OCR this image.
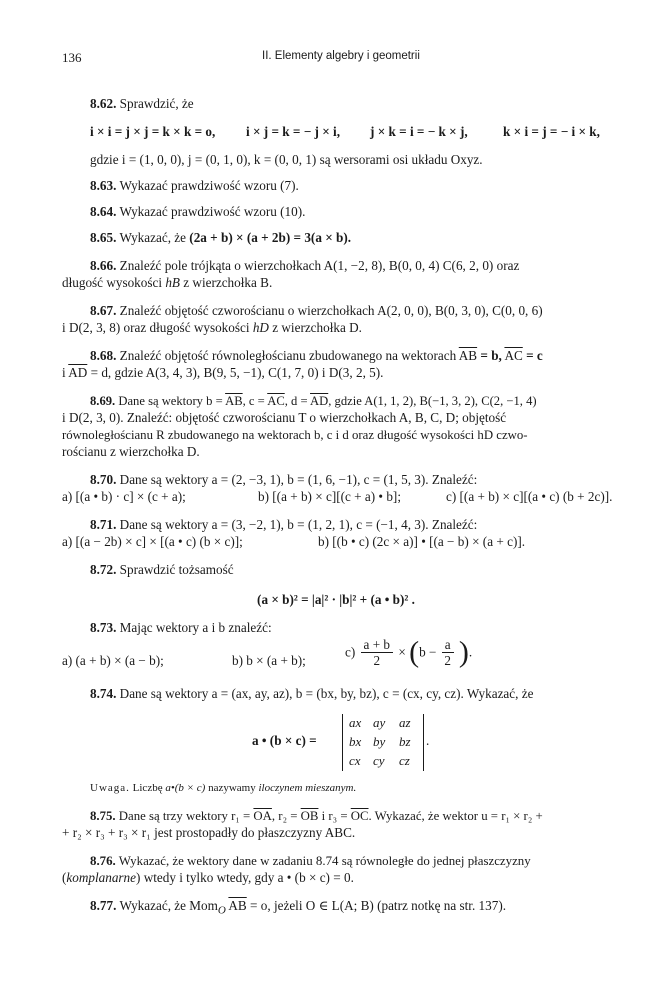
136	II. Elementy algebry i geometrii
8.62. Sprawdzić, że
i × i = j × j = k × k = o, i × j = k = − j × i, j × k = i = − k × j,	k × i = j = − i × k,
gdzie i = (1, 0, 0), j = (0, 1, 0), k = (0, 0, 1) są wersorami osi układu Oxyz.
8.63. Wykazać prawdziwość wzoru (7).
8.64. Wykazać prawdziwość wzoru (10).
8.65. Wykazać, że (2a + b) × (a + 2b) = 3(a × b).
8.66. Znaleźć pole trójkąta o wierzchołkach A(1, −2, 8), B(0, 0, 4) C(6, 2, 0) oraz
długość wysokości hB z wierzchołka B.
8.67. Znaleźć objętość czworościanu o wierzchołkach A(2, 0, 0), B(0, 3, 0), C(0, 0, 6)
i D(2, 3, 8) oraz długość wysokości hD z wierzchołka D.
8.68. Znaleźć objętość równoległościanu zbudowanego na wektorach $\overline{AB} = b$, $\overline{AC} = c$
i $\overline{AD} = d$, gdzie A(3, 4, 3), B(9, 5, −1), C(1, 7, 0) i D(3, 2, 5).
8.69. Dane są wektory $b = \overline{AB}$, $c = \overline{AC}$, $d = \overline{AD}$, gdzie A(1, 1, 2), B(−1, 3, 2), C(2, −1, 4)
i D(2, 3, 0). Znaleźć: objętość czworościanu T o wierzchołkach A, B, C, D; objętość
równoległościanu R zbudowanego na wektorach b, c i d oraz długość wysokości hD czwo-
rościanu z wierzchołka D.
8.70. Dane są wektory a = (2, −3, 1), b = (1, 6, −1), c = (1, 5, 3). Znaleźć:
a) [(a • b) · c] × (c + a);	b) [(a + b) × c][(c + a) • b];	c) [(a + b) × c][(a • c) (b + 2c)].
8.71. Dane są wektory a = (3, −2, 1), b = (1, 2, 1), c = (−1, 4, 3). Znaleźć:
a) [(a − 2b) × c] × [(a • c) (b × c)];	b) [(b • c) (2c × a)] • [(a − b) × (a + c)].
8.72. Sprawdzić tożsamość
(a × b)² = |a|² · |b|² + (a • b)² .
8.73. Mając wektory a i b znaleźć:
a) (a + b) × (a − b);	b) b × (a + b);
$c) \frac{a + b}{2} \times (b - \frac{a}{2}$ ).
8.74. Dane są wektory a = (ax, ay, az), b = (bx, by, bz), c = (cx, cy, cz). Wykazać, że
a • (b × c) =
ax ay az
bx by bz
cx cy cz
.
Uwaga. Liczbę a•(b × c) nazywamy iloczynem mieszanym.
8.75. Dane są trzy wektory $r_1 = \overline{OA}$, $r_2 = \overline{OB}$ i $r_3 = \overline{OC}$. Wykazać, że wektor u = r₁ × r₂ +
+ r₂ × r₃ + r₃ × r₁ jest prostopadły do płaszczyzny ABC.
8.76. Wykazać, że wektory dane w zadaniu 8.74 są równoległe do jednej płaszczyzny
(komplanarne) wtedy i tylko wtedy, gdy a • (b × c) = 0.
8.77. Wykazać, że Mom$_O$ $\overline{AB} = o$, jeżeli O ∈ L(A; B) (patrz notkę na str. 137).
